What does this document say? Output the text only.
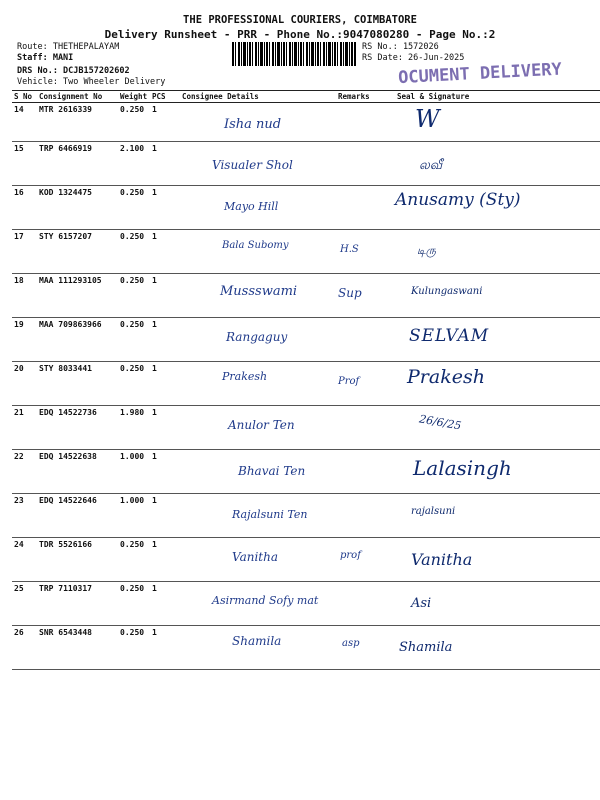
THE PROFESSIONAL COURIERS, COIMBATORE
Delivery Runsheet - PRR - Phone No.:9047080280 - Page No.:2
Route: THETHEPALAYAM
Staff: MANI
DRS No.: DCJB157202602
Vehicle: Two Wheeler Delivery
RS No.: 1572026
RS Date: 26-Jun-2025
OCUMENT DELIVERY
S No	Consignment No	Weight	PCS	Consignee Details	Remarks	Seal & Signature
14	MTR 2616339	0.250	1	Isha nud		W

15	TRP 6466919	2.100	1	Visualer Shol		லவீ

16	KOD 1324475	0.250	1	Mayo Hill		Anusamy (Sty)

17	STY 6157207	0.250	1	Bala Subomy	H.S	டிரு

18	MAA 111293105	0.250	1	Mussswami	Sup	Kulungaswani

19	MAA 709863966	0.250	1	Rangaguy		SELVAM

20	STY 8033441	0.250	1	Prakesh	Prof	Prakesh

21	EDQ 14522736	1.980	1	Anulor Ten		26/6/25

22	EDQ 14522638	1.000	1	Bhavai Ten		Lalasingh

23	EDQ 14522646	1.000	1	Rajalsuni Ten		rajalsuni

24	TDR 5526166	0.250	1	Vanitha	prof	Vanitha

25	TRP 7110317	0.250	1	Asirmand Sofy mat		Asi

26	SNR 6543448	0.250	1	Shamila	asp	Shamila
